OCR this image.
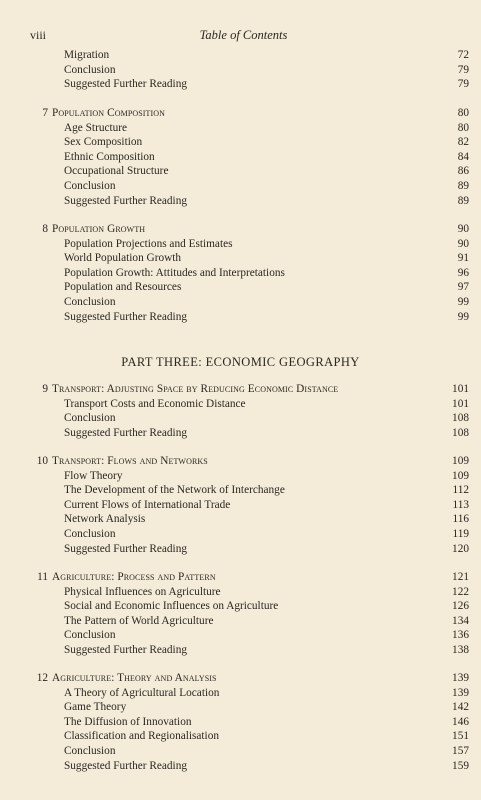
viii	Table of Contents
PART THREE: ECONOMIC GEOGRAPHY
Migration	72
Conclusion	79
Suggested Further Reading	79
7 Population Composition	80
Age Structure	80
Sex Composition	82
Ethnic Composition	84
Occupational Structure	86
Conclusion	89
Suggested Further Reading	89
8 Population Growth	90
Population Projections and Estimates	90
World Population Growth	91
Population Growth: Attitudes and Interpretations	96
Population and Resources	97
Conclusion	99
Suggested Further Reading	99
9 Transport: Adjusting Space by Reducing Economic Distance	101
Transport Costs and Economic Distance	101
Conclusion	108
Suggested Further Reading	108
10 Transport: Flows and Networks	109
Flow Theory	109
The Development of the Network of Interchange	112
Current Flows of International Trade	113
Network Analysis	116
Conclusion	119
Suggested Further Reading	120
11 Agriculture: Process and Pattern	121
Physical Influences on Agriculture	122
Social and Economic Influences on Agriculture	126
The Pattern of World Agriculture	134
Conclusion	136
Suggested Further Reading	138
12 Agriculture: Theory and Analysis	139
A Theory of Agricultural Location	139
Game Theory	142
The Diffusion of Innovation	146
Classification and Regionalisation	151
Conclusion	157
Suggested Further Reading	159
